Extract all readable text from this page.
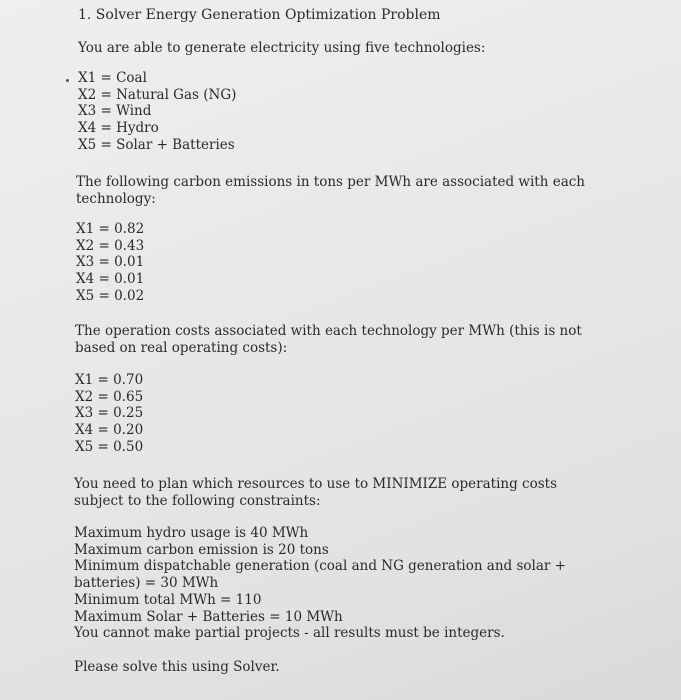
1. Solver Energy Generation Optimization Problem
You are able to generate electricity using five technologies:
X1 = Coal
X2 = Natural Gas (NG)
X3 = Wind
X4 = Hydro
X5 = Solar + Batteries
The following carbon emissions in tons per MWh are associated with each
technology:
X1 = 0.82
X2 = 0.43
X3 = 0.01
X4 = 0.01
X5 = 0.02
The operation costs associated with each technology per MWh (this is not
based on real operating costs):
X1 = 0.70
X2 = 0.65
X3 = 0.25
X4 = 0.20
X5 = 0.50
You need to plan which resources to use to MINIMIZE operating costs
subject to the following constraints:
Maximum hydro usage is 40 MWh
Maximum carbon emission is 20 tons
Minimum dispatchable generation (coal and NG generation and solar +
batteries) = 30 MWh
Minimum total MWh = 110
Maximum Solar + Batteries = 10 MWh
You cannot make partial projects - all results must be integers.
Please solve this using Solver.
